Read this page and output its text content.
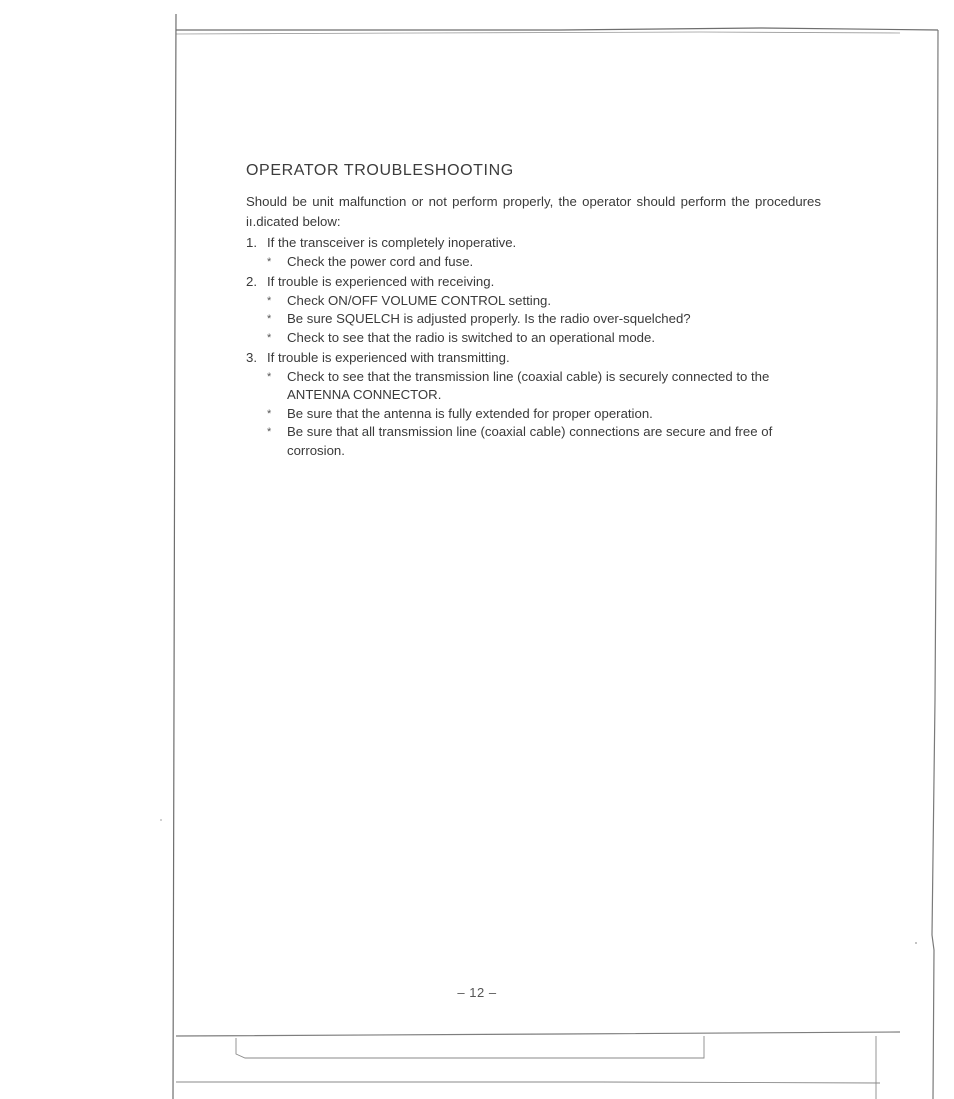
OPERATOR TROUBLESHOOTING

Should be unit malfunction or not perform properly, the operator should perform the procedures iı.dicated below:

1. If the transceiver is completely inoperative.
*	Check the power cord and fuse.
2. If trouble is experienced with receiving.
*	Check ON/OFF VOLUME CONTROL setting.
*	Be sure SQUELCH is adjusted properly. Is the radio over-squelched?
*	Check to see that the radio is switched to an operational mode.
3. If trouble is experienced with transmitting.
*	Check to see that the transmission line (coaxial cable) is securely connected to the ANTENNA CONNECTOR.
*	Be sure that the antenna is fully extended for proper operation.
*	Be sure that all transmission line (coaxial cable) connections are secure and free of corrosion.
– 12 –
